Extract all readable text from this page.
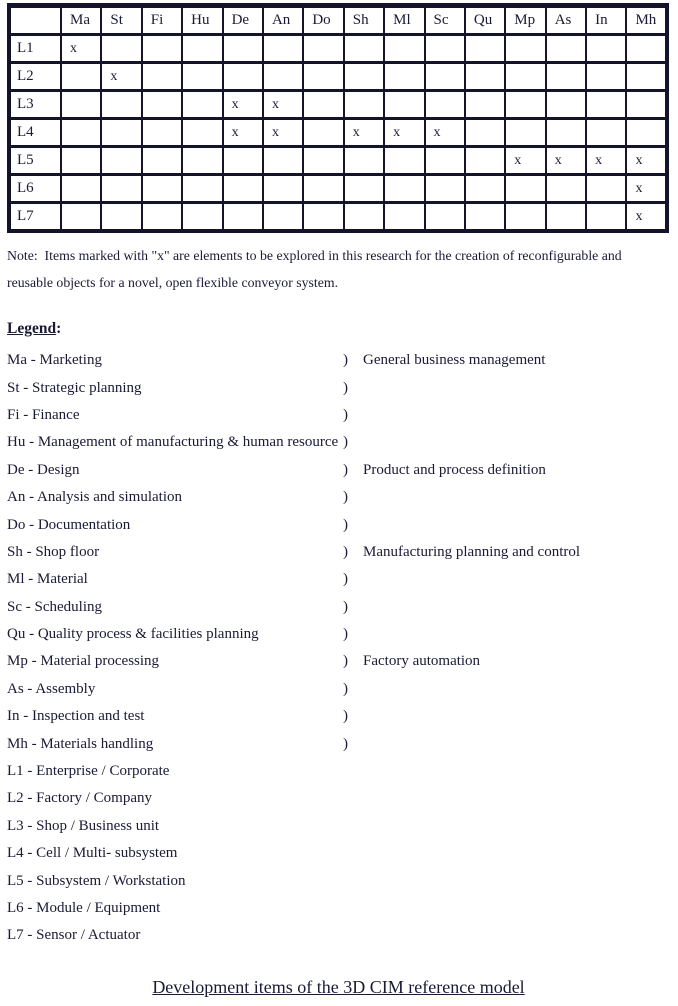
	Ma	St	Fi	Hu	De	An	Do	Sh	Ml	Sc	Qu	Mp	As	In	Mh
L1	x														
L2		x													
L3					x	x									
L4					x	x		x	x	x					
L5												x	x	x	x
L6															x
L7															x
Note:  Items marked with "x" are elements to be explored in this research for the creation of reconfigurable and
reusable objects for a novel, open flexible conveyor system.
Legend:
Ma - Marketing	)	General business management
St - Strategic planning	)
Fi - Finance	)
Hu - Management of manufacturing & human resource )
De - Design	)	Product and process definition
An - Analysis and simulation	)
Do - Documentation	)
Sh - Shop floor	)	Manufacturing planning and control
Ml - Material	)
Sc - Scheduling	)
Qu - Quality process & facilities planning	)
Mp - Material processing	)	Factory automation
As - Assembly	)
In - Inspection and test	)
Mh - Materials handling	)
L1 - Enterprise / Corporate
L2 - Factory / Company
L3 - Shop / Business unit
L4 - Cell / Multi- subsystem
L5 - Subsystem / Workstation
L6 - Module / Equipment
L7 - Sensor / Actuator
Development items of the 3D CIM reference model
